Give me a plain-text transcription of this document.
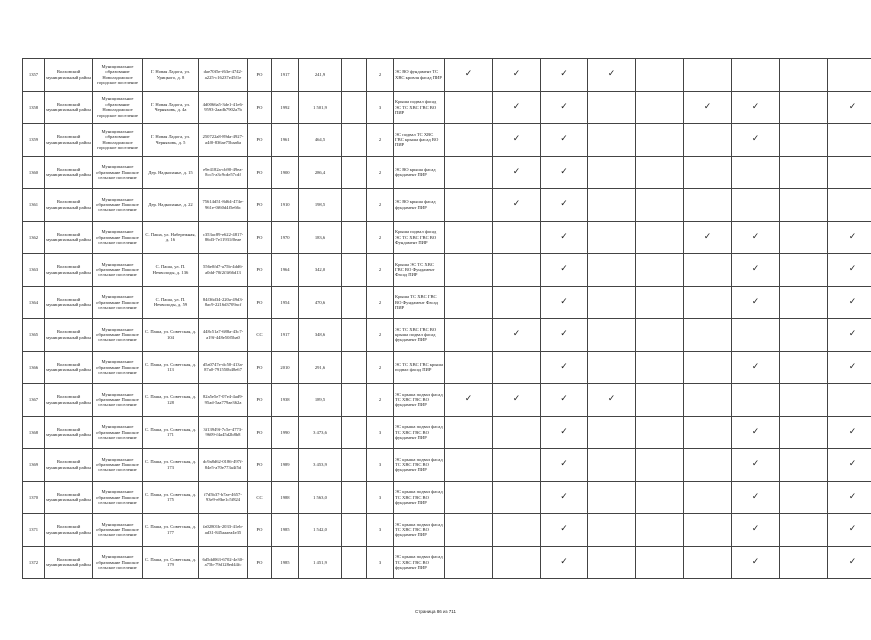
1357	Волховский муниципальный район	Муниципальное образование Новоладожское городское поселение	Г. Новая Ладога, ул. Урицкого, д. 8	dae70f5e-f63e-4742-a225-c16237e45f1e	РО	1917	241,9		2	ЭС ВО фундамент ТС ХВС кровля фасад ПИР	✓	✓	✓	✓					
1358	Волховский муниципальный район	Муниципальное образование Новоладожское городское поселение	Г. Новая Ладога, ул. Черняховь, д. 4а	4d0066a5-3de1-41e6-9593-2aadb7902a7b	РО	1992	1 501,9		3	Крыша подвал фасад ЭС ТС ХВС ГВС ВО ПИР		✓	✓			✓	✓		✓
1359	Волховский муниципальный район	Муниципальное образование Новоладожское городское поселение	Г. Новая Ладога, ул. Черняховь, д. 5	250722a8-89da-4927-a4f0-836ae75baa6a	РО	1961	464,5		2	ЭС подвал ТС ХВС ГВС крыша фасад ВО ПИР		✓	✓				✓		
1360	Волховский муниципальный район	Муниципальное образование Пашское сельское поселение	Дер. Надкопанье, д. 15	e9e4182a-cb90-49ea-8cc5-a3c9cde57cdf	РО	1900	286,4		2	ЭС ВО крыша фасад фундамент ПИР		✓	✓						
1361	Волховский муниципальный район	Муниципальное образование Пашское сельское поселение	Дер. Надкопанье, д. 22	75614d51-8d64-474e-961e-0f60d4f5e66c	РО	1910	198,5		2	ЭС ВО крыша фасад фундамент ПИР		✓	✓						
1362	Волховский муниципальный район	Муниципальное образование Пашское сельское поселение	С. Паша, ул. Набережная, д. 16	c353ac89-e622-4817-86d3-7e11931f0eae	РО	1970	183,6		2	Крыша подвал фасад ЭС ТС ХВС ГВС ВО Фундамент ПИР			✓			✓	✓		✓
1363	Волховский муниципальный район	Муниципальное образование Пашское сельское поселение	С. Паша, ул. П. Нечволоды, д. 136	556e0fd7-a75b-4dd6-a0dd-70f2f3f66d13	РО	1964	342,0		2	Крыша ЭС ТС ХВС ГВС ВО Фундамент Фасад ПИР			✓				✓		✓
1364	Волховский муниципальный район	Муниципальное образование Пашское сельское поселение	С. Паша, ул. П. Нечволоды, д. 59	84f36d34-220a-49d3-8ac9-2216d3709acf	РО	1954	470,6		2	Крыша ТС ХВС ГВС ВО Фундамент Фасад ПИР			✓				✓		✓
1365	Волховский муниципальный район	Муниципальное образование Пашское сельское поселение	С. Паша, ул. Советская, д. 104	448c51a7-688a-43c7-a19f-448e50f5ba0	СС	1917	348,6		2	ЭС ТС ХВС ГВС ВО крыша подвал фасад фундамент ПИР		✓	✓						✓
1366	Волховский муниципальный район	Муниципальное образование Пашское сельское поселение	С. Паша, ул. Советская, д. 113	d5a0747e-dc50-413a-87a0-791550b48e67	РО	2010	291,6		2	ЭС ТС ХВС ГВС крыша подвал фасад ПИР			✓				✓		✓
1367	Волховский муниципальный район	Муниципальное образование Пашское сельское поселение	С. Паша, ул. Советская, д. 128	82a5e5e7-07e4-4ad9-95ad-5aa779ae362a	РО	1938	189,5		2	ЭС крыша подвал фасад ТС ХВС ГВС ВО фундамент ПИР	✓	✓	✓	✓					
1368	Волховский муниципальный район	Муниципальное образование Пашское сельское поселение	С. Паша, ул. Советская, д. 171	3f13949f-7c5e-4773-9609-f4a45d2b8b8	РО	1990	3 473,6		3	ЭС крыша подвал фасад ТС ХВС ГВС ВО фундамент ПИР			✓				✓		✓
1369	Волховский муниципальный район	Муниципальное образование Пашское сельское поселение	С. Паша, ул. Советская, д. 173	dc9a8d62-0186-497f-84e5-a70e773a4f5d	РО	1989	3 453,9		3	ЭС крыша подвал фасад ТС ХВС ГВС ВО фундамент ПИР			✓				✓		✓
1370	Волховский муниципальный район	Муниципальное образование Пашское сельское поселение	С. Паша, ул. Советская, д. 175	f7d5b37-b7ae-4657-93e9-e8be1c5f824	СС	1988	1 563,0		3	ЭС крыша подвал фасад ТС ХВС ГВС ВО фундамент ПИР			✓				✓		✓
1371	Волховский муниципальный район	Муниципальное образование Пашское сельское поселение	С. Паша, ул. Советская, д. 177	fa02801b-2033-41eb-ad31-845aaaea4e35	РО	1985	1 542,0		3	ЭС крыша подвал фасад ТС ХВС ГВС ВО фундамент ПИР			✓				✓		✓
1372	Волховский муниципальный район	Муниципальное образование Пашское сельское поселение	С. Паша, ул. Советская, д. 179	6d5dd063-6702-4e30-a75b-79d128ed44fc	РО	1985	1 451,9		3	ЭС крыша подвал фасад ТС ХВС ГВС ВО фундамент ПИР			✓				✓		✓
Страница 86 из 711
